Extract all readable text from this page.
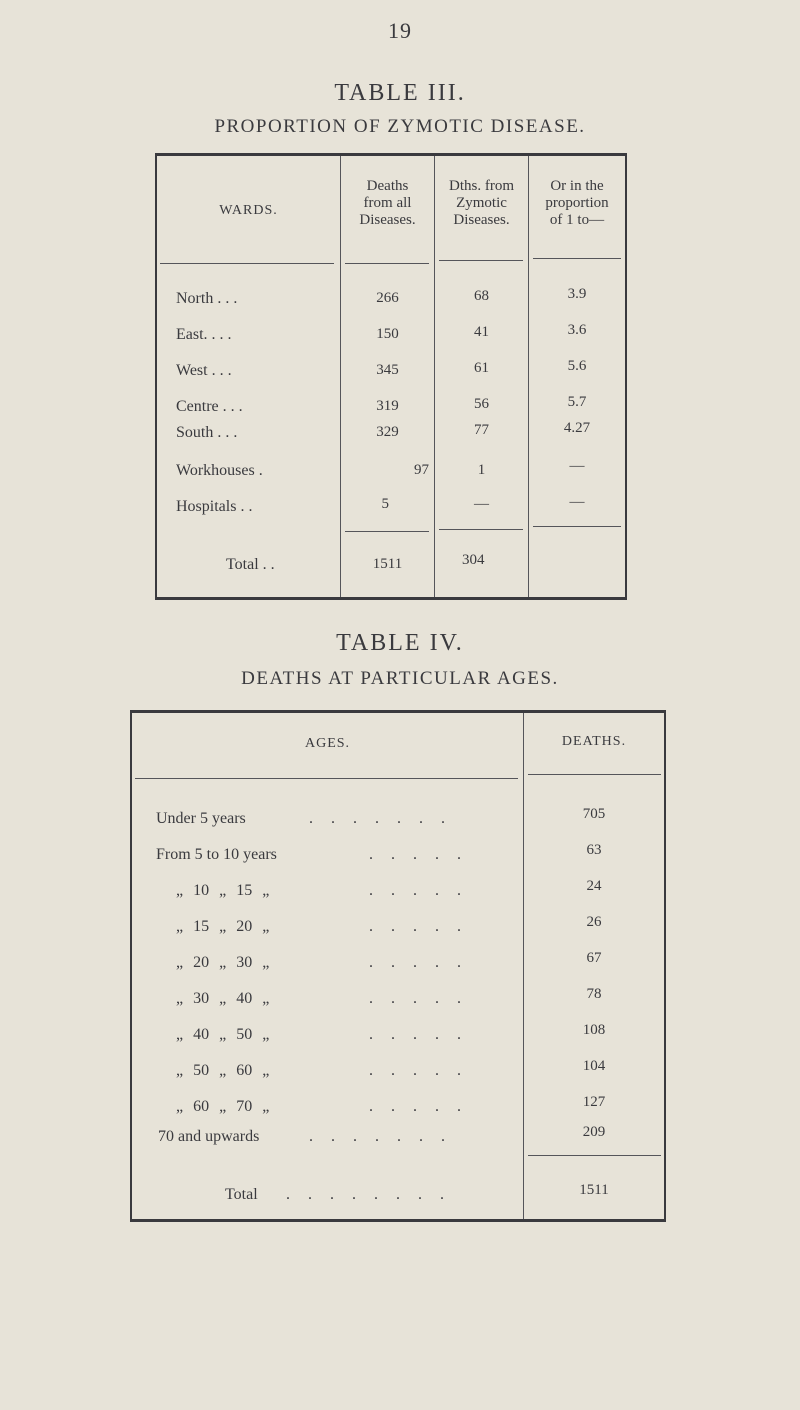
19
TABLE III.
PROPORTION OF ZYMOTIC DISEASE.
WARDS.
Deaths
from all
Diseases.
Dths. from
Zymotic
Diseases.
Or in the
proportion
of 1 to—
North . . .	266	68	3.9
East. . . .	150	41	3.6
West . . .	345	61	5.6
Centre . . .	319	56	5.7
South . . .	329	77	4.27
Workhouses .	97	1	—
Hospitals . .	5	—	—
Total . .	1511	304
TABLE IV.
DEATHS AT PARTICULAR AGES.
AGES.	DEATHS.
Under 5 years	. . . . . . .	705
From 5 to 10 years	. . . . .	63
„ 10 „ 15 „	. . . . .	24
„ 15 „ 20 „	. . . . .	26
„ 20 „ 30 „	. . . . .	67
„ 30 „ 40 „	. . . . .	78
„ 40 „ 50 „	. . . . .	108
„ 50 „ 60 „	. . . . .	104
„ 60 „ 70 „	. . . . .	127
70 and upwards	. . . . . . .	209
Total . . . . . . . .	1511
